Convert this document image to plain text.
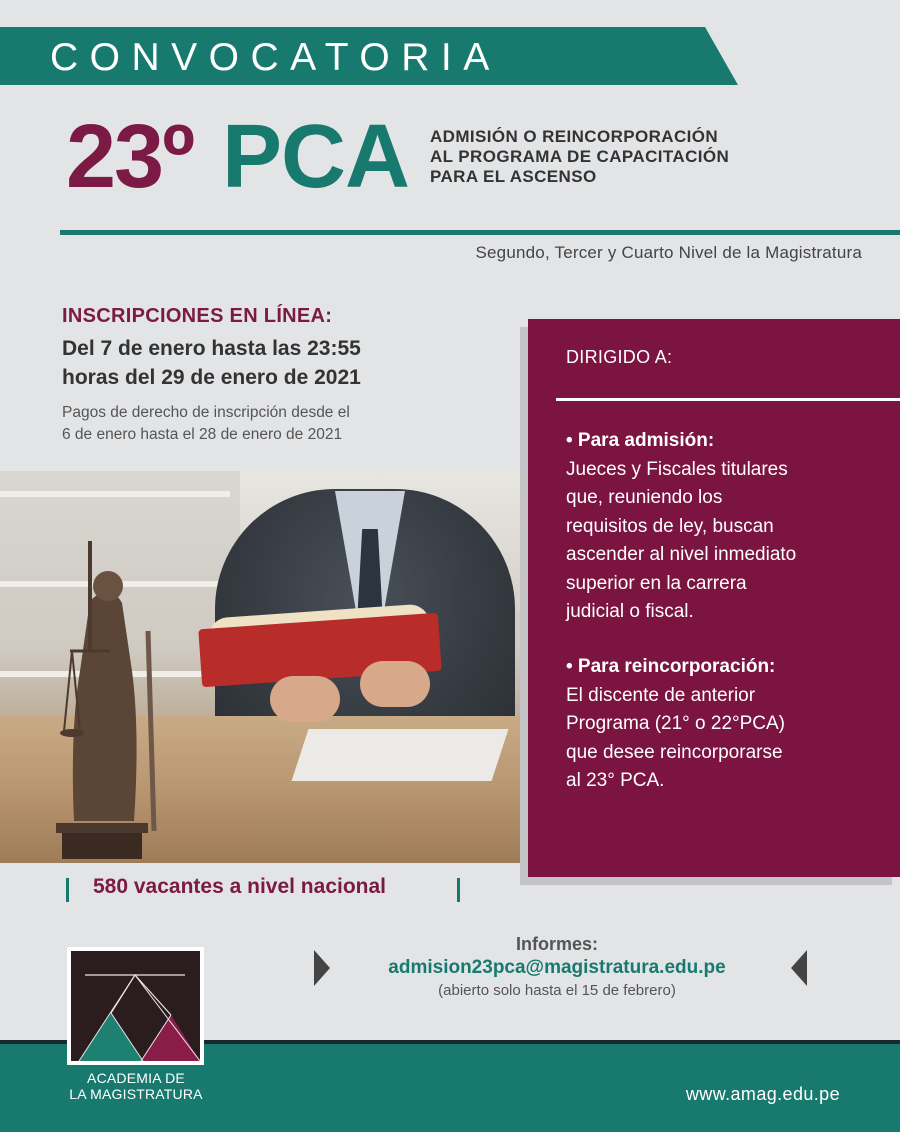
CONVOCATORIA
23º PCA ADMISIÓN O REINCORPORACIÓN
AL PROGRAMA DE CAPACITACIÓN
PARA EL ASCENSO
Segundo, Tercer y Cuarto Nivel de la Magistratura
INSCRIPCIONES EN LÍNEA:
Del 7 de enero hasta las 23:55
horas del 29 de enero de 2021
Pagos de derecho de inscripción desde el
6 de enero hasta el 28 de enero de 2021
DIRIGIDO A:
• Para admisión:
Jueces y Fiscales titulares
que, reuniendo los
requisitos de ley, buscan
ascender al nivel inmediato
superior en la carrera
judicial o fiscal.
• Para reincorporación:
El discente de anterior
Programa (21° o 22°PCA)
que desee reincorporarse
al 23° PCA.
580 vacantes a nivel nacional
Informes:
admision23pca@magistratura.edu.pe
(abierto solo hasta el 15 de febrero)
www.amag.edu.pe
ACADEMIA DE
LA MAGISTRATURA
